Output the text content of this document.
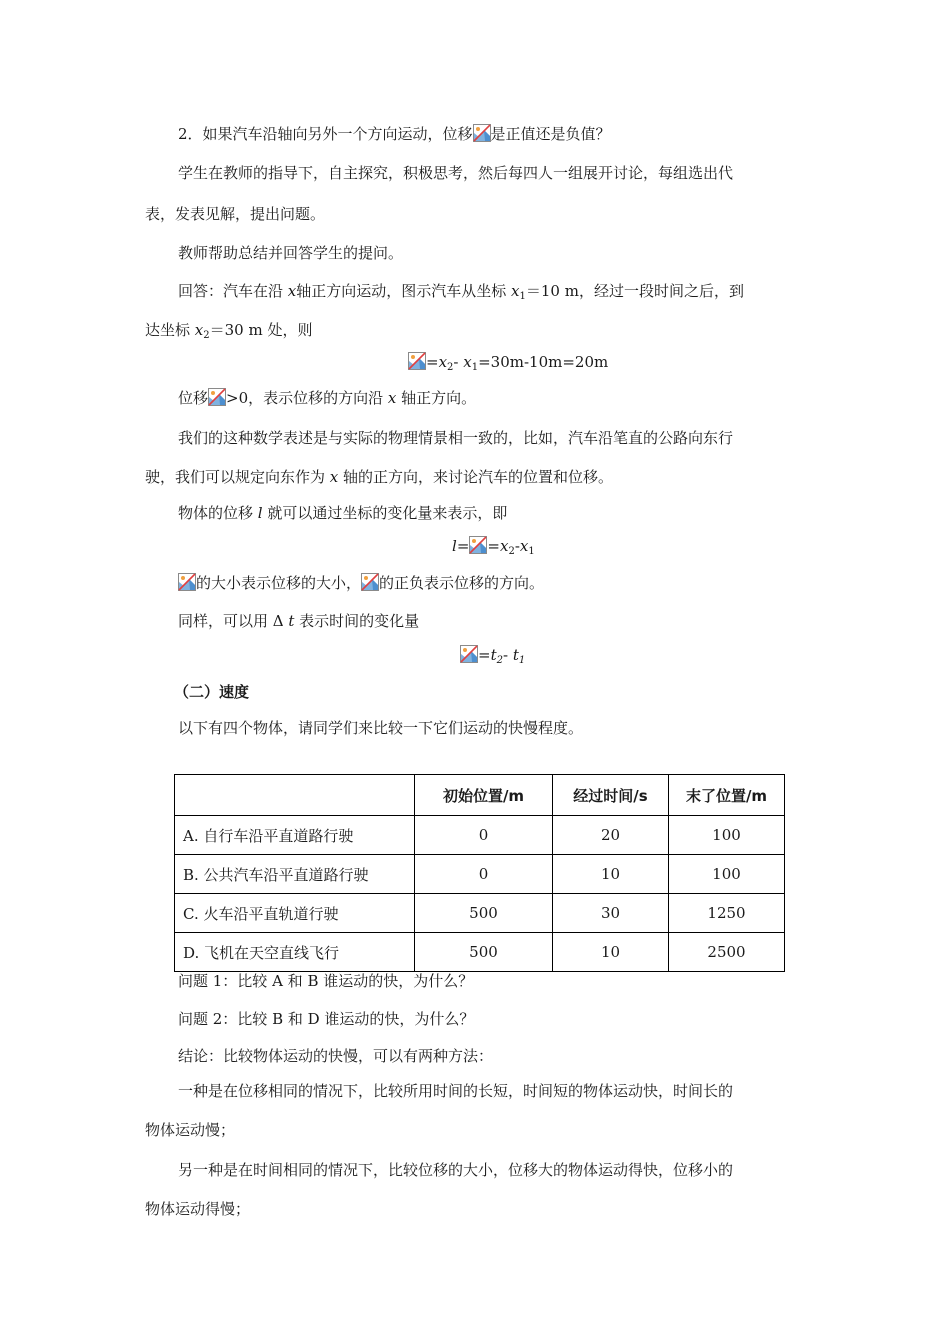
2．如果汽车沿轴向另外一个方向运动，位移 是正值还是负值？
学生在教师的指导下，自主探究，积极思考，然后每四人一组展开讨论，每组选出代
表，发表见解，提出问题。
教师帮助总结并回答学生的提问。
回答：汽车在沿 x轴正方向运动，图示汽车从坐标 $x_1=10$ m，经过一段时间之后，到
达坐标 $x_2=30$ m 处，则
$=x_2-$ $x_1=30m-10m=20m$
位移 >0，表示位移的方向沿 x 轴正方向。
我们的这种数学表述是与实际的物理情景相一致的，比如，汽车沿笔直的公路向东行
驶，我们可以规定向东作为 x 轴的正方向，来讨论汽车的位置和位移。
物体的位移 l 就可以通过坐标的变化量来表示，即
$l= =x_2-x_1$
的大小表示位移的大小， 的正负表示位移的方向。
同样，可以用 Δ t 表示时间的变化量
$=t_2-$ $t_1$
（二）速度
以下有四个物体，请同学们来比较一下它们运动的快慢程度。
	初始位置/m	经过时间/s	末了位置/m
A. 自行车沿平直道路行驶	0	20	100
B. 公共汽车沿平直道路行驶	0	10	100
C. 火车沿平直轨道行驶	500	30	1250
D. 飞机在天空直线飞行	500	10	2500
问题 1：比较 A 和 B 谁运动的快，为什么？
问题 2：比较 B 和 D 谁运动的快，为什么？
结论：比较物体运动的快慢，可以有两种方法：
一种是在位移相同的情况下，比较所用时间的长短，时间短的物体运动快，时间长的
物体运动慢；
另一种是在时间相同的情况下，比较位移的大小，位移大的物体运动得快，位移小的
物体运动得慢；
